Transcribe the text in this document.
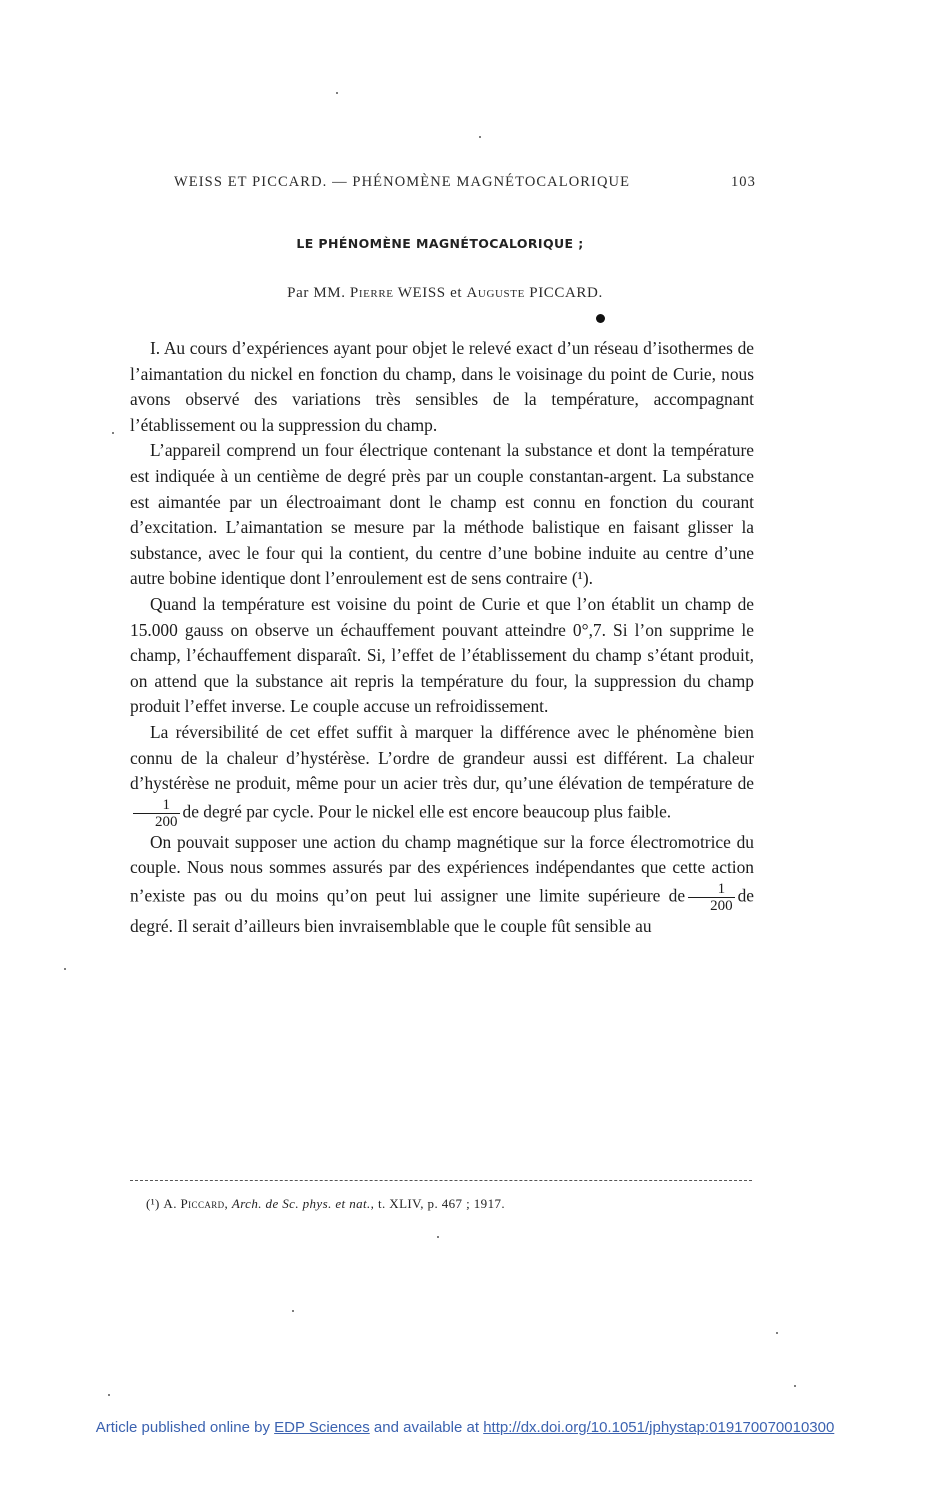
WEISS ET PICCARD. — PHÉNOMÈNE MAGNÉTOCALORIQUE	103
LE PHÉNOMÈNE MAGNÉTOCALORIQUE ;
Par MM. Pierre WEISS et Auguste PICCARD.

I. Au cours d’expériences ayant pour objet le relevé exact d’un réseau d’isothermes de l’aimantation du nickel en fonction du champ, dans le voisinage du point de Curie, nous avons observé des variations très sensibles de la température, accompagnant l’établissement ou la suppression du champ.

L’appareil comprend un four électrique contenant la substance et dont la température est indiquée à un centième de degré près par un couple constantan-argent. La substance est aimantée par un électroaimant dont le champ est connu en fonction du courant d’excitation. L’aimantation se mesure par la méthode balistique en faisant glisser la substance, avec le four qui la contient, du centre d’une bobine induite au centre d’une autre bobine identique dont l’enroulement est de sens contraire (¹).

Quand la température est voisine du point de Curie et que l’on établit un champ de 15.000 gauss on observe un échauffement pouvant atteindre 0°,7. Si l’on supprime le champ, l’échauffement disparaît. Si, l’effet de l’établissement du champ s’étant produit, on attend que la substance ait repris la température du four, la suppression du champ produit l’effet inverse. Le couple accuse un refroidissement.

La réversibilité de cet effet suffit à marquer la différence avec le phénomène bien connu de la chaleur d’hystérèse. L’ordre de grandeur aussi est différent. La chaleur d’hystérèse ne produit, même pour un acier très dur, qu’une élévation de température de
$\frac{1}{200}$ de degré par cycle. Pour le nickel elle est encore beaucoup plus faible.

On pouvait supposer une action du champ magnétique sur la force électromotrice du couple. Nous nous sommes assurés par des expériences indépendantes que cette action n’existe pas ou du moins qu’on peut lui assigner une limite supérieure de $\frac{1}{200}$ de degré. Il serait d’ailleurs bien invraisemblable que le couple fût sensible au

(¹) A. Piccard, Arch. de Sc. phys. et nat., t. XLIV, p. 467 ; 1917.
Article published online by EDP Sciences and available at http://dx.doi.org/10.1051/jphystap:019170070010300
